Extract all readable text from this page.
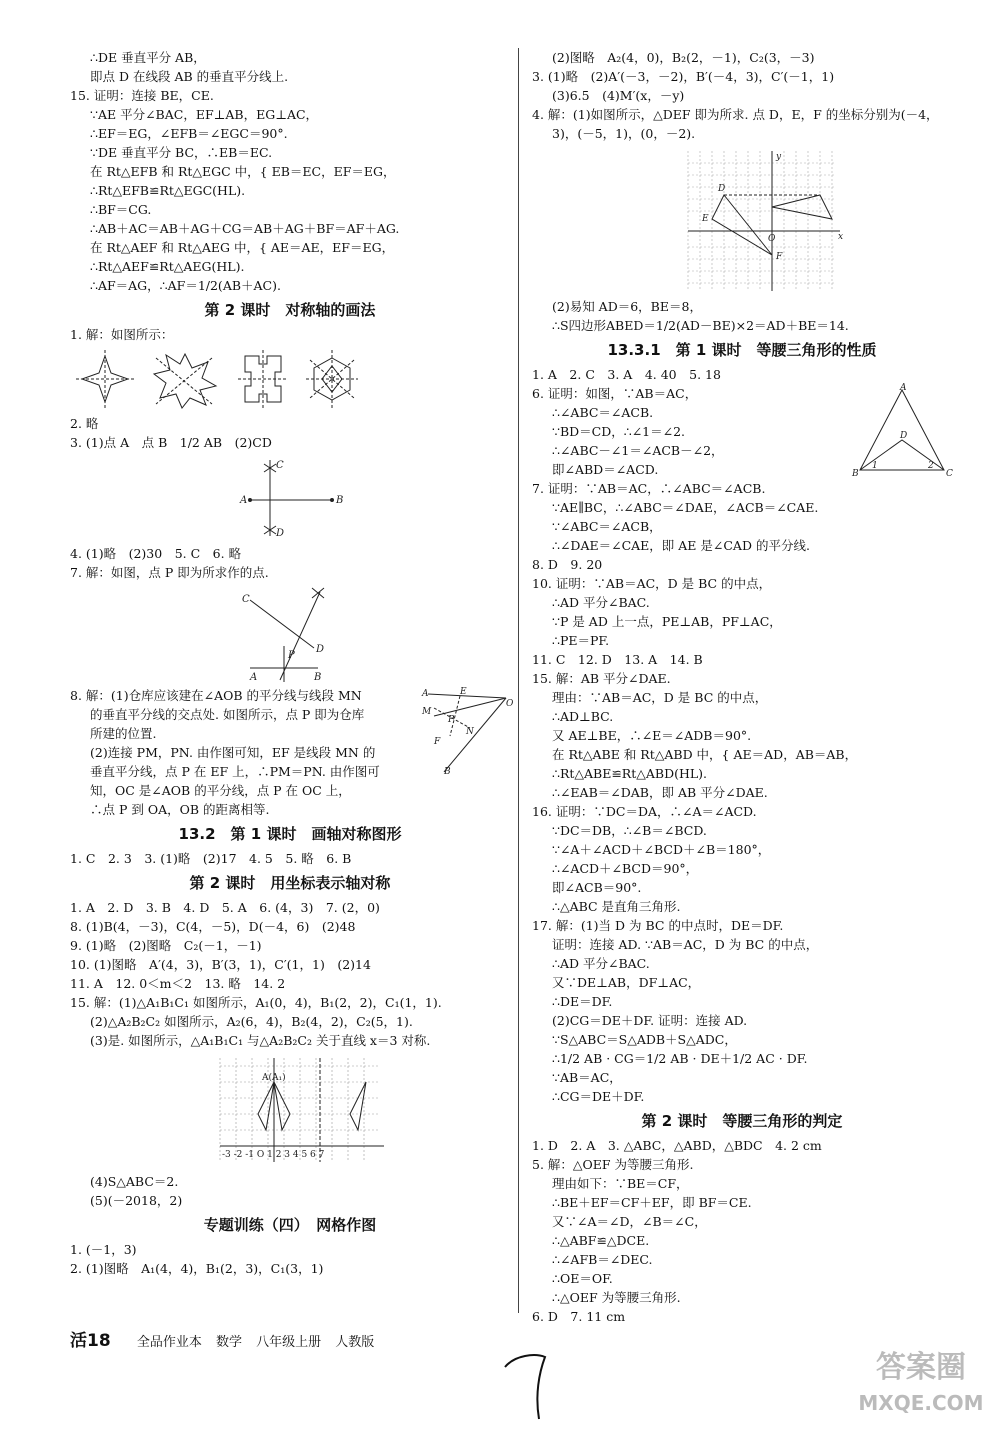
∴DE 垂直平分 AB，
即点 D 在线段 AB 的垂直平分线上.
15. 证明：连接 BE，CE.
∵AE 平分∠BAC，EF⊥AB，EG⊥AC，
∴EF＝EG，∠EFB＝∠EGC＝90°.
∵DE 垂直平分 BC，∴EB＝EC.
在 Rt△EFB 和 Rt△EGC 中，{ EB＝EC，EF＝EG，
∴Rt△EFB≌Rt△EGC(HL).
∴BF＝CG.
∴AB＋AC＝AB＋AG＋CG＝AB＋AG＋BF＝AF＋AG.
在 Rt△AEF 和 Rt△AEG 中，{ AE＝AE，EF＝EG，
∴Rt△AEF≌Rt△AEG(HL).
∴AF＝AG，∴AF＝1/2(AB＋AC).
第 2 课时　对称轴的画法
1. 解：如图所示：
2. 略
3. (1)点 A　点 B　1/2 AB　(2)CD
A	B
C
D
4. (1)略　(2)30　5. C　6. 略
7. 解：如图，点 P 即为所求作的点.
C
D
P
A	B
8. 解：(1)仓库应该建在∠AOB 的平分线与线段 MN
的垂直平分线的交点处. 如图所示，点 P 即为仓库
所建的位置.
(2)连接 PM，PN. 由作图可知，EF 是线段 MN 的
垂直平分线，点 P 在 EF 上，∴PM＝PN. 由作图可
知，OC 是∠AOB 的平分线，点 P 在 OC 上，
∴点 P 到 OA，OB 的距离相等.
A	E
O
M
P
N
F
B
13.2　第 1 课时　画轴对称图形
1. C　2. 3　3. (1)略　(2)17　4. 5　5. 略　6. B
第 2 课时　用坐标表示轴对称
1. A　2. D　3. B　4. D　5. A　6. (4，3)　7. (2，0)
8. (1)B(4，－3)，C(4，－5)，D(－4，6)　(2)48
9. (1)略　(2)图略　C₂(－1，－1)
10. (1)图略　A′(4，3)，B′(3，1)，C′(1，1)　(2)14
11. A　12. 0＜m＜2　13. 略　14. 2
15. 解：(1)△A₁B₁C₁ 如图所示，A₁(0，4)，B₁(2，2)，C₁(1，1).
(2)△A₂B₂C₂ 如图所示，A₂(6，4)，B₂(4，2)，C₂(5，1).
(3)是. 如图所示，△A₁B₁C₁ 与△A₂B₂C₂ 关于直线 x＝3 对称.
-3 -2 -1 O 1 2 3 4 5 6 7
A(A₁)
(4)S△ABC＝2.
(5)(－2018，2)
专题训练（四）　网格作图
1. (－1，3)
2. (1)图略　A₁(4，4)，B₁(2，3)，C₁(3，1)
(2)图略　A₂(4，0)，B₂(2，－1)，C₂(3，－3)
3. (1)略　(2)A′(－3，－2)，B′(－4，3)，C′(－1，1)
(3)6.5　(4)M′(x，－y)
4. 解：(1)如图所示，△DEF 即为所求. 点 D，E，F 的坐标分别为(－4，
3)，(－5，1)，(0，－2).
D
E
F
y
x
O
(2)易知 AD＝6，BE＝8，
∴S四边形ABED＝1/2(AD－BE)×2＝AD＋BE＝14.
13.3.1　第 1 课时　等腰三角形的性质
1. A　2. C　3. A　4. 40　5. 18
6. 证明：如图，∵AB＝AC，
∴∠ABC＝∠ACB.
∵BD＝CD，∴∠1＝∠2.
∴∠ABC－∠1＝∠ACB－∠2，
即∠ABD＝∠ACD.
A
B	C
D
1	2
7. 证明：∵AB＝AC，∴∠ABC＝∠ACB.
∵AE∥BC，∴∠ABC＝∠DAE，∠ACB＝∠CAE.
∵∠ABC＝∠ACB，
∴∠DAE＝∠CAE，即 AE 是∠CAD 的平分线.
8. D　9. 20
10. 证明：∵AB＝AC，D 是 BC 的中点，
∴AD 平分∠BAC.
∵P 是 AD 上一点，PE⊥AB，PF⊥AC，
∴PE＝PF.
11. C　12. D　13. A　14. B
15. 解：AB 平分∠DAE.
理由：∵AB＝AC，D 是 BC 的中点，
∴AD⊥BC.
又 AE⊥BE，∴∠E＝∠ADB＝90°.
在 Rt△ABE 和 Rt△ABD 中，{ AE＝AD，AB＝AB，
∴Rt△ABE≌Rt△ABD(HL).
∴∠EAB＝∠DAB，即 AB 平分∠DAE.
16. 证明：∵DC＝DA，∴∠A＝∠ACD.
∵DC＝DB，∴∠B＝∠BCD.
∵∠A＋∠ACD＋∠BCD＋∠B＝180°，
∴∠ACD＋∠BCD＝90°，
即∠ACB＝90°.
∴△ABC 是直角三角形.
17. 解：(1)当 D 为 BC 的中点时，DE＝DF.
证明：连接 AD. ∵AB＝AC，D 为 BC 的中点，
∴AD 平分∠BAC.
又∵DE⊥AB，DF⊥AC，
∴DE＝DF.
(2)CG＝DE＋DF. 证明：连接 AD.
∵S△ABC＝S△ADB＋S△ADC，
∴1/2 AB · CG＝1/2 AB · DE＋1/2 AC · DF.
∵AB＝AC，
∴CG＝DE＋DF.
第 2 课时　等腰三角形的判定
1. D　2. A　3. △ABC，△ABD，△BDC　4. 2 cm
5. 解：△OEF 为等腰三角形.
理由如下：∵BE＝CF，
∴BE＋EF＝CF＋EF，即 BF＝CE.
又∵∠A＝∠D，∠B＝∠C，
∴△ABF≌△DCE.
∴∠AFB＝∠DEC.
∴OE＝OF.
∴△OEF 为等腰三角形.
6. D　7. 11 cm
活18 全品作业本 数学 八年级上册 人教版
答案圈
MXQE.COM
